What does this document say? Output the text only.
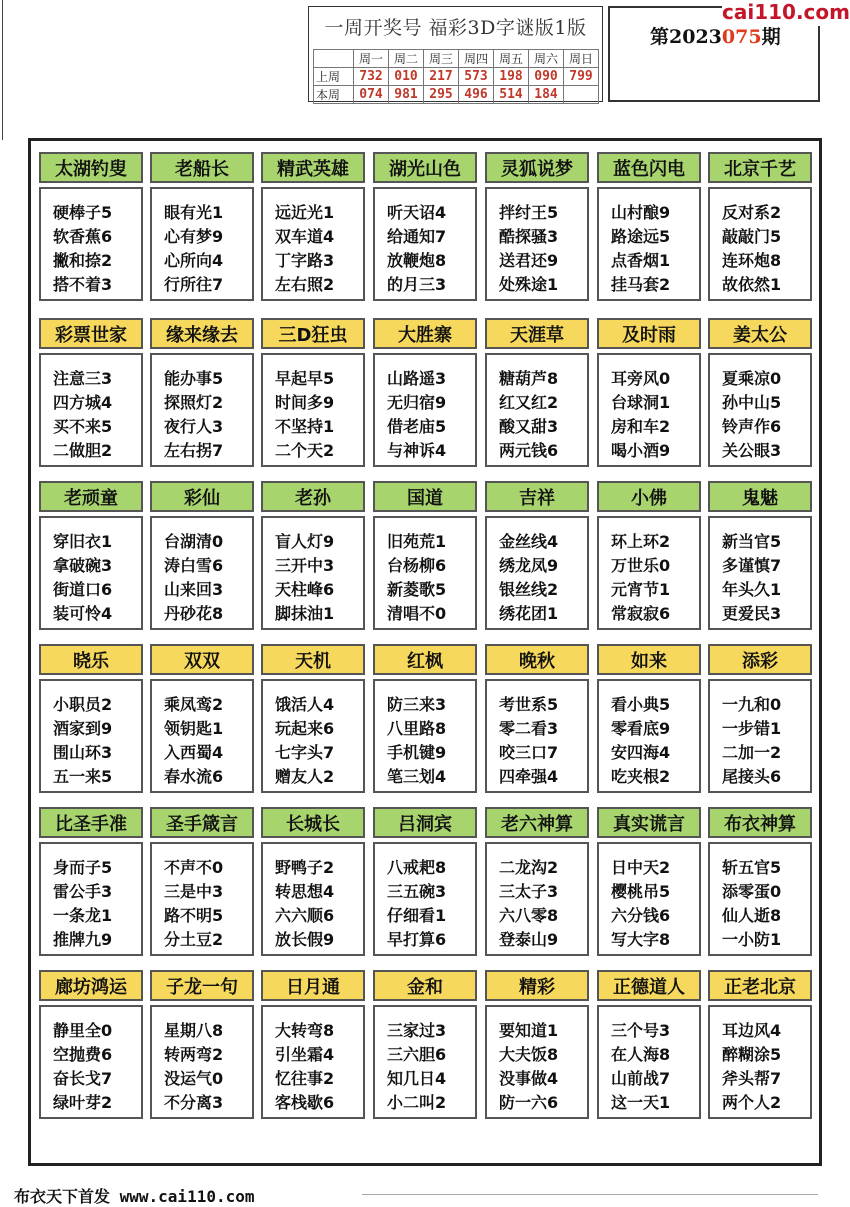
一周开奖号 福彩3D字谜版1版
	周一	周二	周三	周四	周五	周六	周日
上周	732	010	217	573	198	090	799
本周	074	981	295	496	514	184	
第2023075期
cai110.com
太湖钓叟
硬棒子5
软香蕉6
撇和捺2
搭不着3
老船长
眼有光1
心有梦9
心所向4
行所往7
精武英雄
远近光1
双车道4
丁字路3
左右照2
湖光山色
听天诏4
给通知7
放鞭炮8
的月三3
灵狐说梦
拌纣王5
酷探骚3
送君还9
处殊途1
蓝色闪电
山村酿9
路途远5
点香烟1
挂马套2
北京千艺
反对系2
敲敲门5
连环炮8
故依然1
彩票世家
注意三3
四方城4
买不来5
二做胆2
缘来缘去
能办事5
探照灯2
夜行人3
左右拐7
三D狂虫
早起早5
时间多9
不坚持1
二个天2
大胜寨
山路遥3
无归宿9
借老庙5
与神诉4
天涯草
糖葫芦8
红又红2
酸又甜3
两元钱6
及时雨
耳旁风0
台球洞1
房和车2
喝小酒9
姜太公
夏乘凉0
孙中山5
铃声作6
关公眼3
老顽童
穿旧衣1
拿破碗3
街道口6
装可怜4
彩仙
台湖清0
涛白雪6
山来回3
丹砂花8
老孙
盲人灯9
三开中3
天柱峰6
脚抹油1
国道
旧苑荒1
台杨柳6
新菱歌5
清唱不0
吉祥
金丝线4
绣龙凤9
银丝线2
绣花团1
小佛
环上环2
万世乐0
元宵节1
常寂寂6
鬼魅
新当官5
多谨慎7
年头久1
更爱民3
晓乐
小职员2
酒家到9
围山环3
五一来5
双双
乘凤鸾2
领钥匙1
入西蜀4
春水流6
天机
饿活人4
玩起来6
七字头7
赠友人2
红枫
防三来3
八里路8
手机键9
笔三划4
晚秋
考世系5
零二看3
咬三口7
四牵强4
如来
看小典5
零看底9
安四海4
吃夹根2
添彩
一九和0
一步错1
二加一2
尾接头6
比圣手准
身而子5
雷公手3
一条龙1
推牌九9
圣手箴言
不声不0
三是中3
路不明5
分土豆2
长城长
野鸭子2
转思想4
六六顺6
放长假9
吕洞宾
八戒耙8
三五碗3
仔细看1
早打算6
老六神算
二龙沟2
三太子3
六八零8
登泰山9
真实谎言
日中天2
樱桃吊5
六分钱6
写大字8
布衣神算
斩五官5
添零蛋0
仙人逝8
一小防1
廊坊鸿运
静里全0
空抛费6
奋长戈7
绿叶芽2
子龙一句
星期八8
转两弯2
没运气0
不分离3
日月通
大转弯8
引坐霜4
忆往事2
客栈歇6
金和
三家过3
三六胆6
知几日4
小二叫2
精彩
要知道1
大夫饭8
没事做4
防一六6
正德道人
三个号3
在人海8
山前战7
这一天1
正老北京
耳边风4
醉糊涂5
斧头帮7
两个人2
布衣天下首发 www.cai110.com
